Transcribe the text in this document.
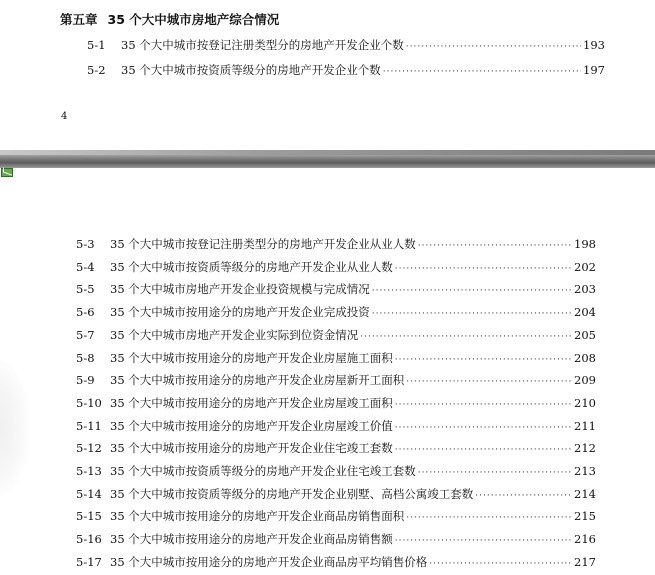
第五章 35 个大中城市房地产综合情况
5-1	35 个大中城市按登记注册类型分的房地产开发企业个数 ·····	193
5-2	35 个大中城市按资质等级分的房地产开发企业个数 ·····	197
4
5-3	35 个大中城市按登记注册类型分的房地产开发企业从业人数 ·····	198
5-4	35 个大中城市按资质等级分的房地产开发企业从业人数 ·····	202
5-5	35 个大中城市房地产开发企业投资规模与完成情况 ·····	203
5-6	35 个大中城市按用途分的房地产开发企业完成投资 ·····	204
5-7	35 个大中城市房地产开发企业实际到位资金情况 ·····	205
5-8	35 个大中城市按用途分的房地产开发企业房屋施工面积 ·····	208
5-9	35 个大中城市按用途分的房地产开发企业房屋新开工面积 ·····	209
5-10 35 个大中城市按用途分的房地产开发企业房屋竣工面积 ·····	210
5-11 35 个大中城市按用途分的房地产开发企业房屋竣工价值 ·····	211
5-12 35 个大中城市按用途分的房地产开发企业住宅竣工套数 ·····	212
5-13 35 个大中城市按资质等级分的房地产开发企业住宅竣工套数 ·····	213
5-14 35 个大中城市按资质等级分的房地产开发企业别墅、高档公寓竣工套数 ·····	214
5-15 35 个大中城市按用途分的房地产开发企业商品房销售面积 ·····	215
5-16 35 个大中城市按用途分的房地产开发企业商品房销售额 ·····	216
5-17 35 个大中城市按用途分的房地产开发企业商品房平均销售价格 ·····	217
